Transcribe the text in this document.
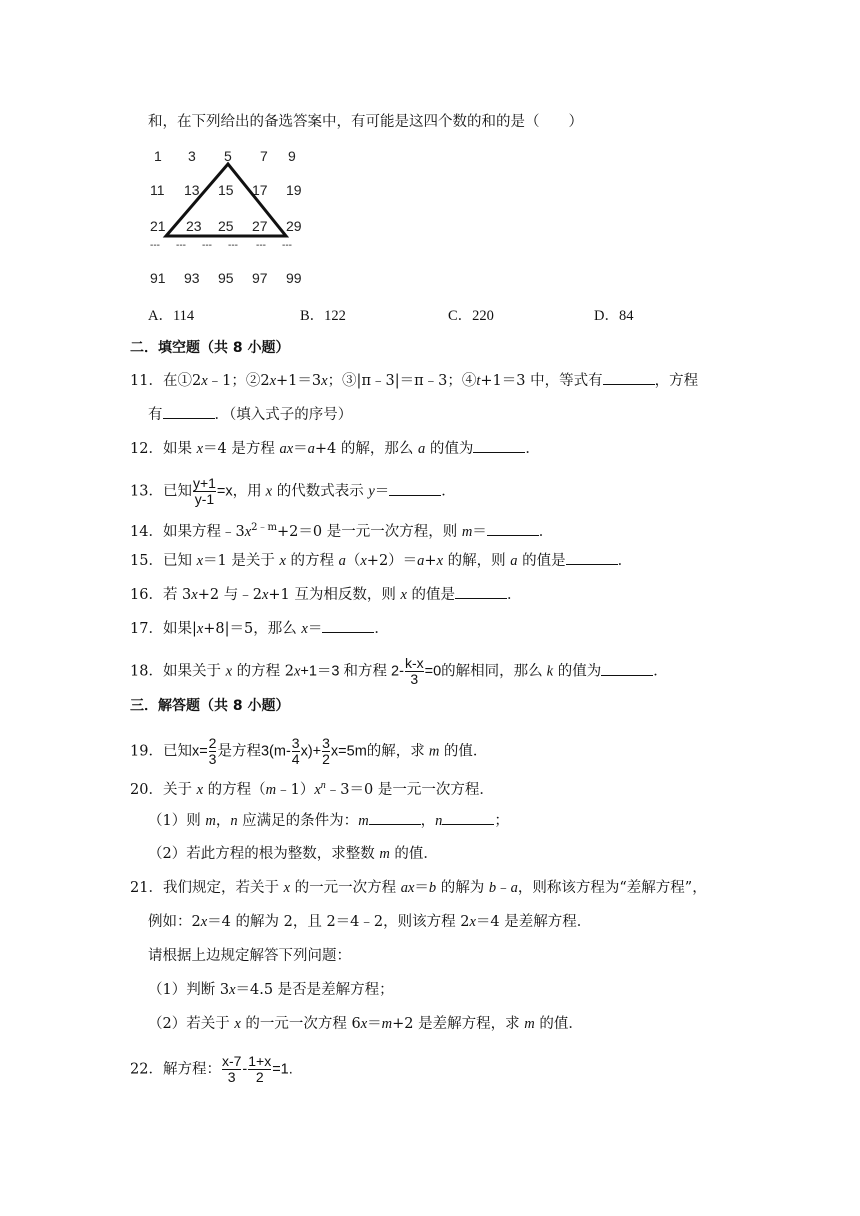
和，在下列给出的备选答案中，有可能是这四个数的和的是（　　）
1 3 5 7 9
11 13 15 17 19
21 23 25 27 29
--- --- --- --- --- ---
91 93 95 97 99
A．114	B．122	C．220	D．84
二．填空题（共 8 小题）
11．在①2x﹣1；②2x+1＝3x；③|π﹣3|＝π﹣3；④t+1＝3 中，等式有	，方程
有	．（填入式子的序号）
12．如果 x＝4 是方程 ax＝a+4 的解，那么 a 的值为	．
13．已知 $\frac{y+1}{y-1} =x$，用 x 的代数式表示 y＝	．
14．如果方程$﹣3x^{2﹣m}+2=0$ 是一元一次方程，则 m＝	．
15．已知 x＝1 是关于 x 的方程 a（x+2）＝a+x 的解，则 a 的值是	．
16．若 3x+2 与﹣2x+1 互为相反数，则 x 的值是	．
17．如果|x+8|＝5，那么 x＝	．
18．如果关于 x 的方程 2x+1＝3 和方程 $2- \frac{k-x}{3} =0$的解相同，那么 k 的值为	．
三．解答题（共 8 小题）
19．已知$x= \frac{2}{3}$ 是方程$3(m- \frac{3}{4} x)+ \frac{3}{2} x=5m$的解，求 m 的值．
20．关于 x 的方程$(m﹣1)x^n﹣3=0$ 是一元一次方程．
（1）则 m，n 应满足的条件为：m	，n	；
（2）若此方程的根为整数，求整数 m 的值．
21．我们规定，若关于 x 的一元一次方程 ax＝b 的解为 b﹣a，则称该方程为“差解方程”，
例如：2x＝4 的解为 2，且 2＝4﹣2，则该方程 2x＝4 是差解方程．
请根据上边规定解答下列问题：
（1）判断 3x＝4.5 是否是差解方程；
（2）若关于 x 的一元一次方程 6x＝m+2 是差解方程，求 m 的值．
22．解方程： $\frac{x-7}{3} - \frac{1+x}{2} =1$.
